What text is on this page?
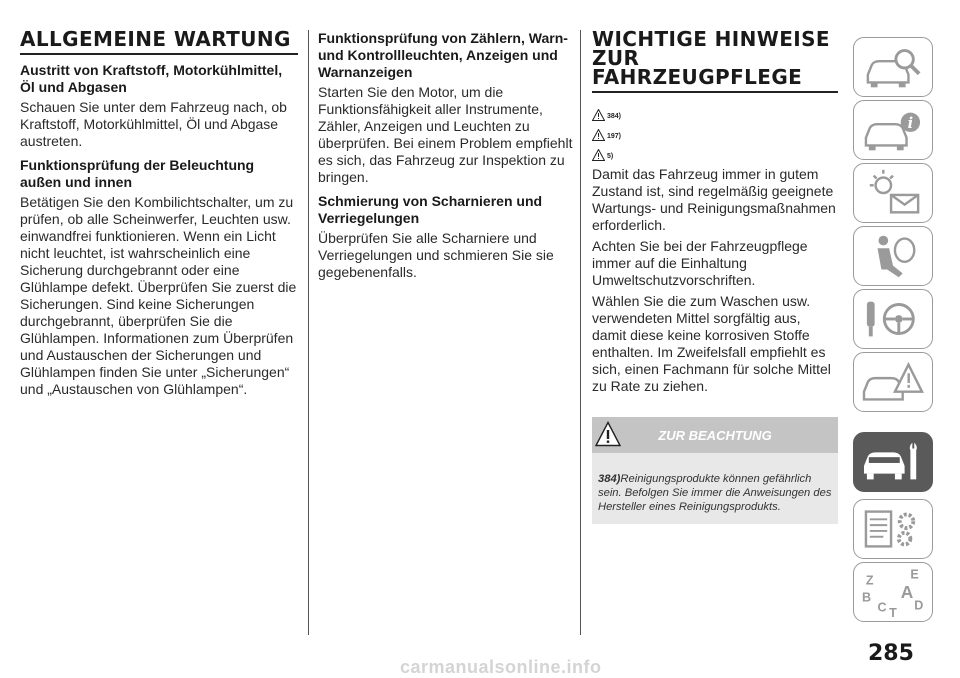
ALLGEMEINE WARTUNG
Austritt von Kraftstoff, Motorkühlmittel, Öl und Abgasen

Schauen Sie unter dem Fahrzeug nach, ob Kraftstoff, Motorkühlmittel, Öl und Abgase austreten.

Funktionsprüfung der Beleuchtung außen und innen

Betätigen Sie den Kombilichtschalter, um zu prüfen, ob alle Scheinwerfer, Leuchten usw. einwandfrei funktionieren. Wenn ein Licht nicht leuchtet, ist wahrscheinlich eine Sicherung durchgebrannt oder eine Glühlampe defekt. Überprüfen Sie zuerst die Sicherungen. Sind keine Sicherungen durchgebrannt, überprüfen Sie die Glühlampen. Informationen zum Überprüfen und Austauschen der Sicherungen und Glühlampen finden Sie unter „Sicherungen“ und „Austauschen von Glühlampen“.

Funktionsprüfung von Zählern, Warn- und Kontrollleuchten, Anzeigen und Warnanzeigen

Starten Sie den Motor, um die Funktionsfähigkeit aller Instrumente, Zähler, Anzeigen und Leuchten zu überprüfen. Bei einem Problem empfiehlt es sich, das Fahrzeug zur Inspektion zu bringen.

Schmierung von Scharnieren und Verriegelungen

Überprüfen Sie alle Scharniere und Verriegelungen und schmieren Sie sie gegebenenfalls.

WICHTIGE HINWEISE ZUR FAHRZEUGPFLEGE
384)
197)
5)

Damit das Fahrzeug immer in gutem Zustand ist, sind regelmäßig geeignete Wartungs- und Reinigungsmaßnahmen erforderlich.

Achten Sie bei der Fahrzeugpflege immer auf die Einhaltung Umweltschutzvorschriften.

Wählen Sie die zum Waschen usw. verwendeten Mittel sorgfältig aus, damit diese keine korrosiven Stoffe enthalten. Im Zweifelsfall empfiehlt es sich, einen Fachmann für solche Mittel zu Rate zu ziehen.

ZUR BEACHTUNG
384)Reinigungsprodukte können gefährlich sein. Befolgen Sie immer die Anweisungen des Hersteller eines Reinigungsprodukts.
i
Z	E
B A
C T
D
285
carmanualsonline.info
